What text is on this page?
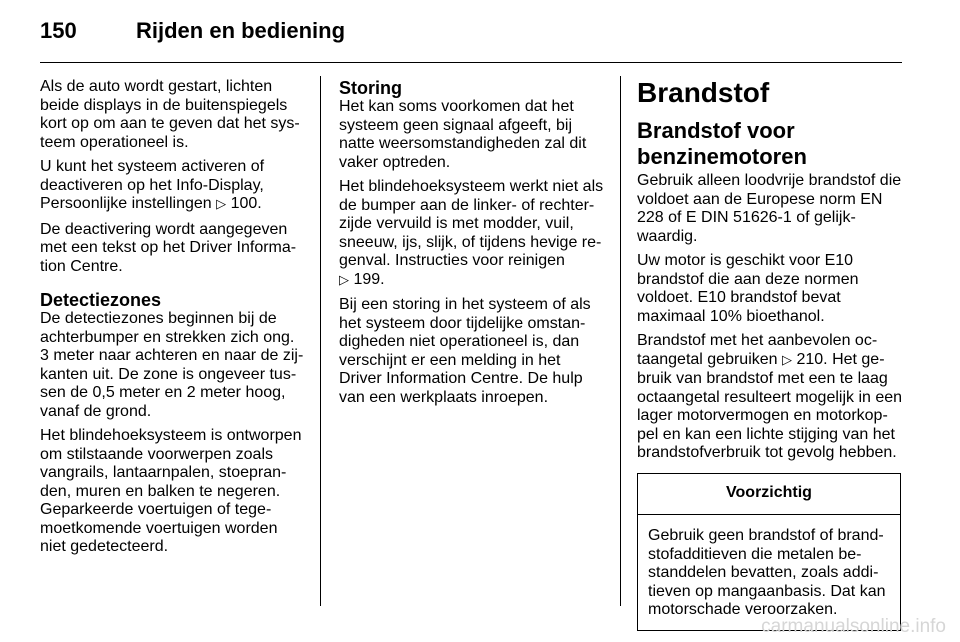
150	Rijden en bediening

Als de auto wordt gestart, lichten beide displays in de buitenspiegels kort op om aan te geven dat het systeem operationeel is.

U kunt het systeem activeren of deactiveren op het Info-Display, Persoonlijke instellingen ▷ 100.

De deactivering wordt aangegeven met een tekst op het Driver Information Centre.

Detectiezones

De detectiezones beginnen bij de achterbumper en strekken zich ong. 3 meter naar achteren en naar de zijkanten uit. De zone is ongeveer tussen de 0,5 meter en 2 meter hoog, vanaf de grond.

Het blindehoeksysteem is ontworpen om stilstaande voorwerpen zoals vangrails, lantaarnpalen, stoepranden, muren en balken te negeren. Geparkeerde voertuigen of tegemoetkomende voertuigen worden niet gedetecteerd.

Storing

Het kan soms voorkomen dat het systeem geen signaal afgeeft, bij natte weersomstandigheden zal dit vaker optreden.

Het blindehoeksysteem werkt niet als de bumper aan de linker- of rechterzijde vervuild is met modder, vuil, sneeuw, ijs, slijk, of tijdens hevige regenval. Instructies voor reinigen
▷ 199.

Bij een storing in het systeem of als het systeem door tijdelijke omstandigheden niet operationeel is, dan verschijnt er een melding in het Driver Information Centre. De hulp van een werkplaats inroepen.

Brandstof
Brandstof voor benzinemotoren

Gebruik alleen loodvrije brandstof die voldoet aan de Europese norm EN 228 of E DIN 51626-1 of gelijkwaardig.

Uw motor is geschikt voor E10 brandstof die aan deze normen voldoet. E10 brandstof bevat maximaal 10% bioethanol.

Brandstof met het aanbevolen octaangetal gebruiken ▷ 210. Het gebruik van brandstof met een te laag octaangetal resulteert mogelijk in een lager motorvermogen en motorkoppel en kan een lichte stijging van het brandstofverbruik tot gevolg hebben.

Voorzichtig
Gebruik geen brandstof of brandstofadditieven die metalen bestanddelen bevatten, zoals additieven op mangaanbasis. Dat kan motorschade veroorzaken.
carmanualsonline.info
